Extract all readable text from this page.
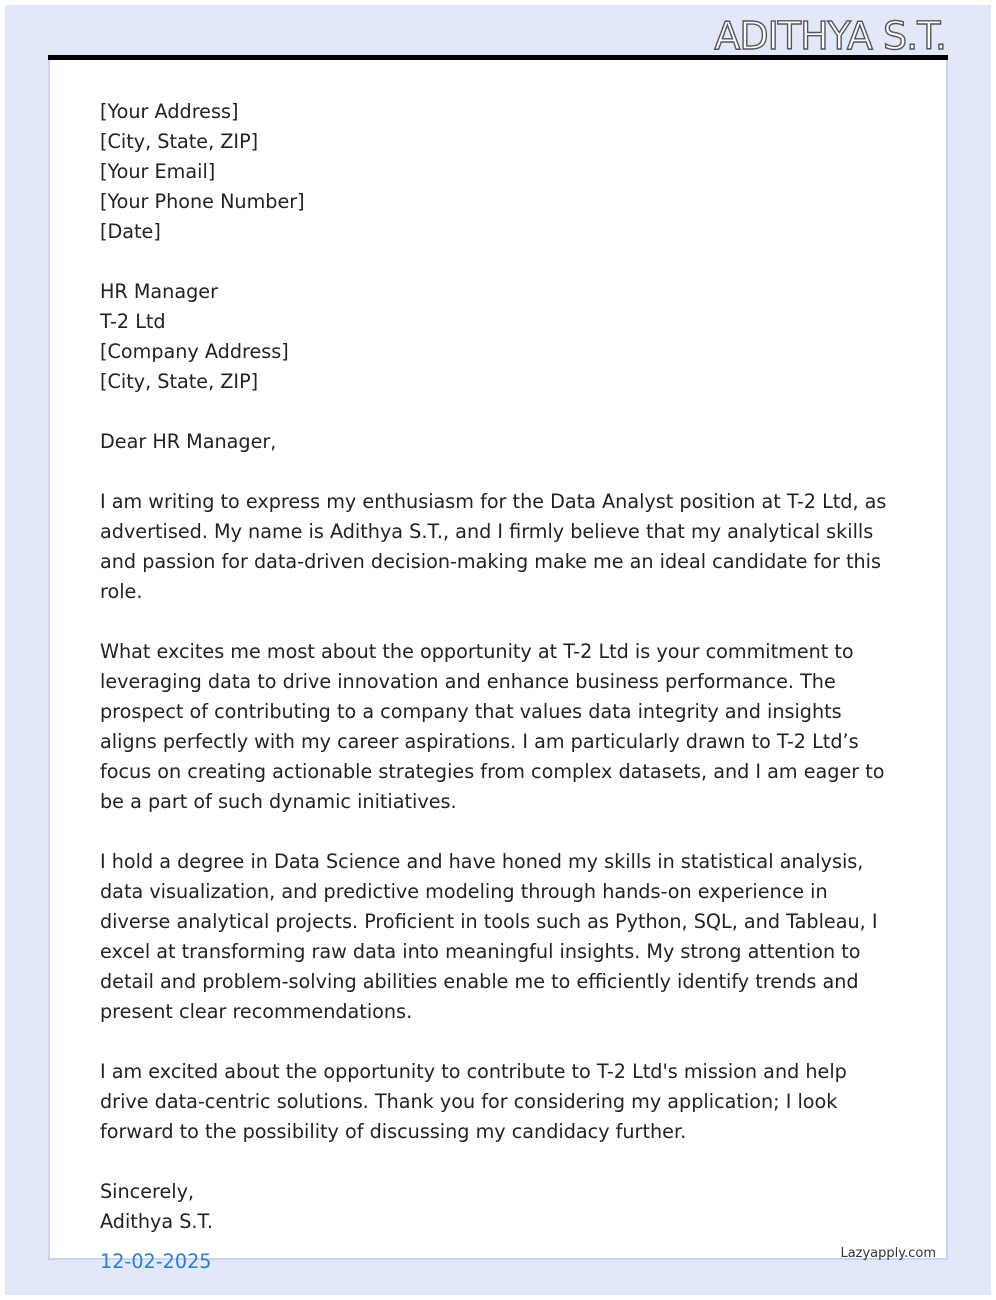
ADITHYA S.T.
[Your Address]
[City, State, ZIP]
[Your Email]
[Your Phone Number]
[Date]
HR Manager
T-2 Ltd
[Company Address]
[City, State, ZIP]
Dear HR Manager,
I am writing to express my enthusiasm for the Data Analyst position at T-2 Ltd, as advertised. My name is Adithya S.T., and I firmly believe that my analytical skills and passion for data-driven decision-making make me an ideal candidate for this role.
What excites me most about the opportunity at T-2 Ltd is your commitment to leveraging data to drive innovation and enhance business performance. The prospect of contributing to a company that values data integrity and insights aligns perfectly with my career aspirations. I am particularly drawn to T-2 Ltd’s focus on creating actionable strategies from complex datasets, and I am eager to be a part of such dynamic initiatives.
I hold a degree in Data Science and have honed my skills in statistical analysis, data visualization, and predictive modeling through hands-on experience in diverse analytical projects. Proficient in tools such as Python, SQL, and Tableau, I excel at transforming raw data into meaningful insights. My strong attention to detail and problem-solving abilities enable me to efficiently identify trends and present clear recommendations.
I am excited about the opportunity to contribute to T-2 Ltd's mission and help drive data-centric solutions. Thank you for considering my application; I look forward to the possibility of discussing my candidacy further.
Sincerely,
Adithya S.T.
12-02-2025	Lazyapply.com
